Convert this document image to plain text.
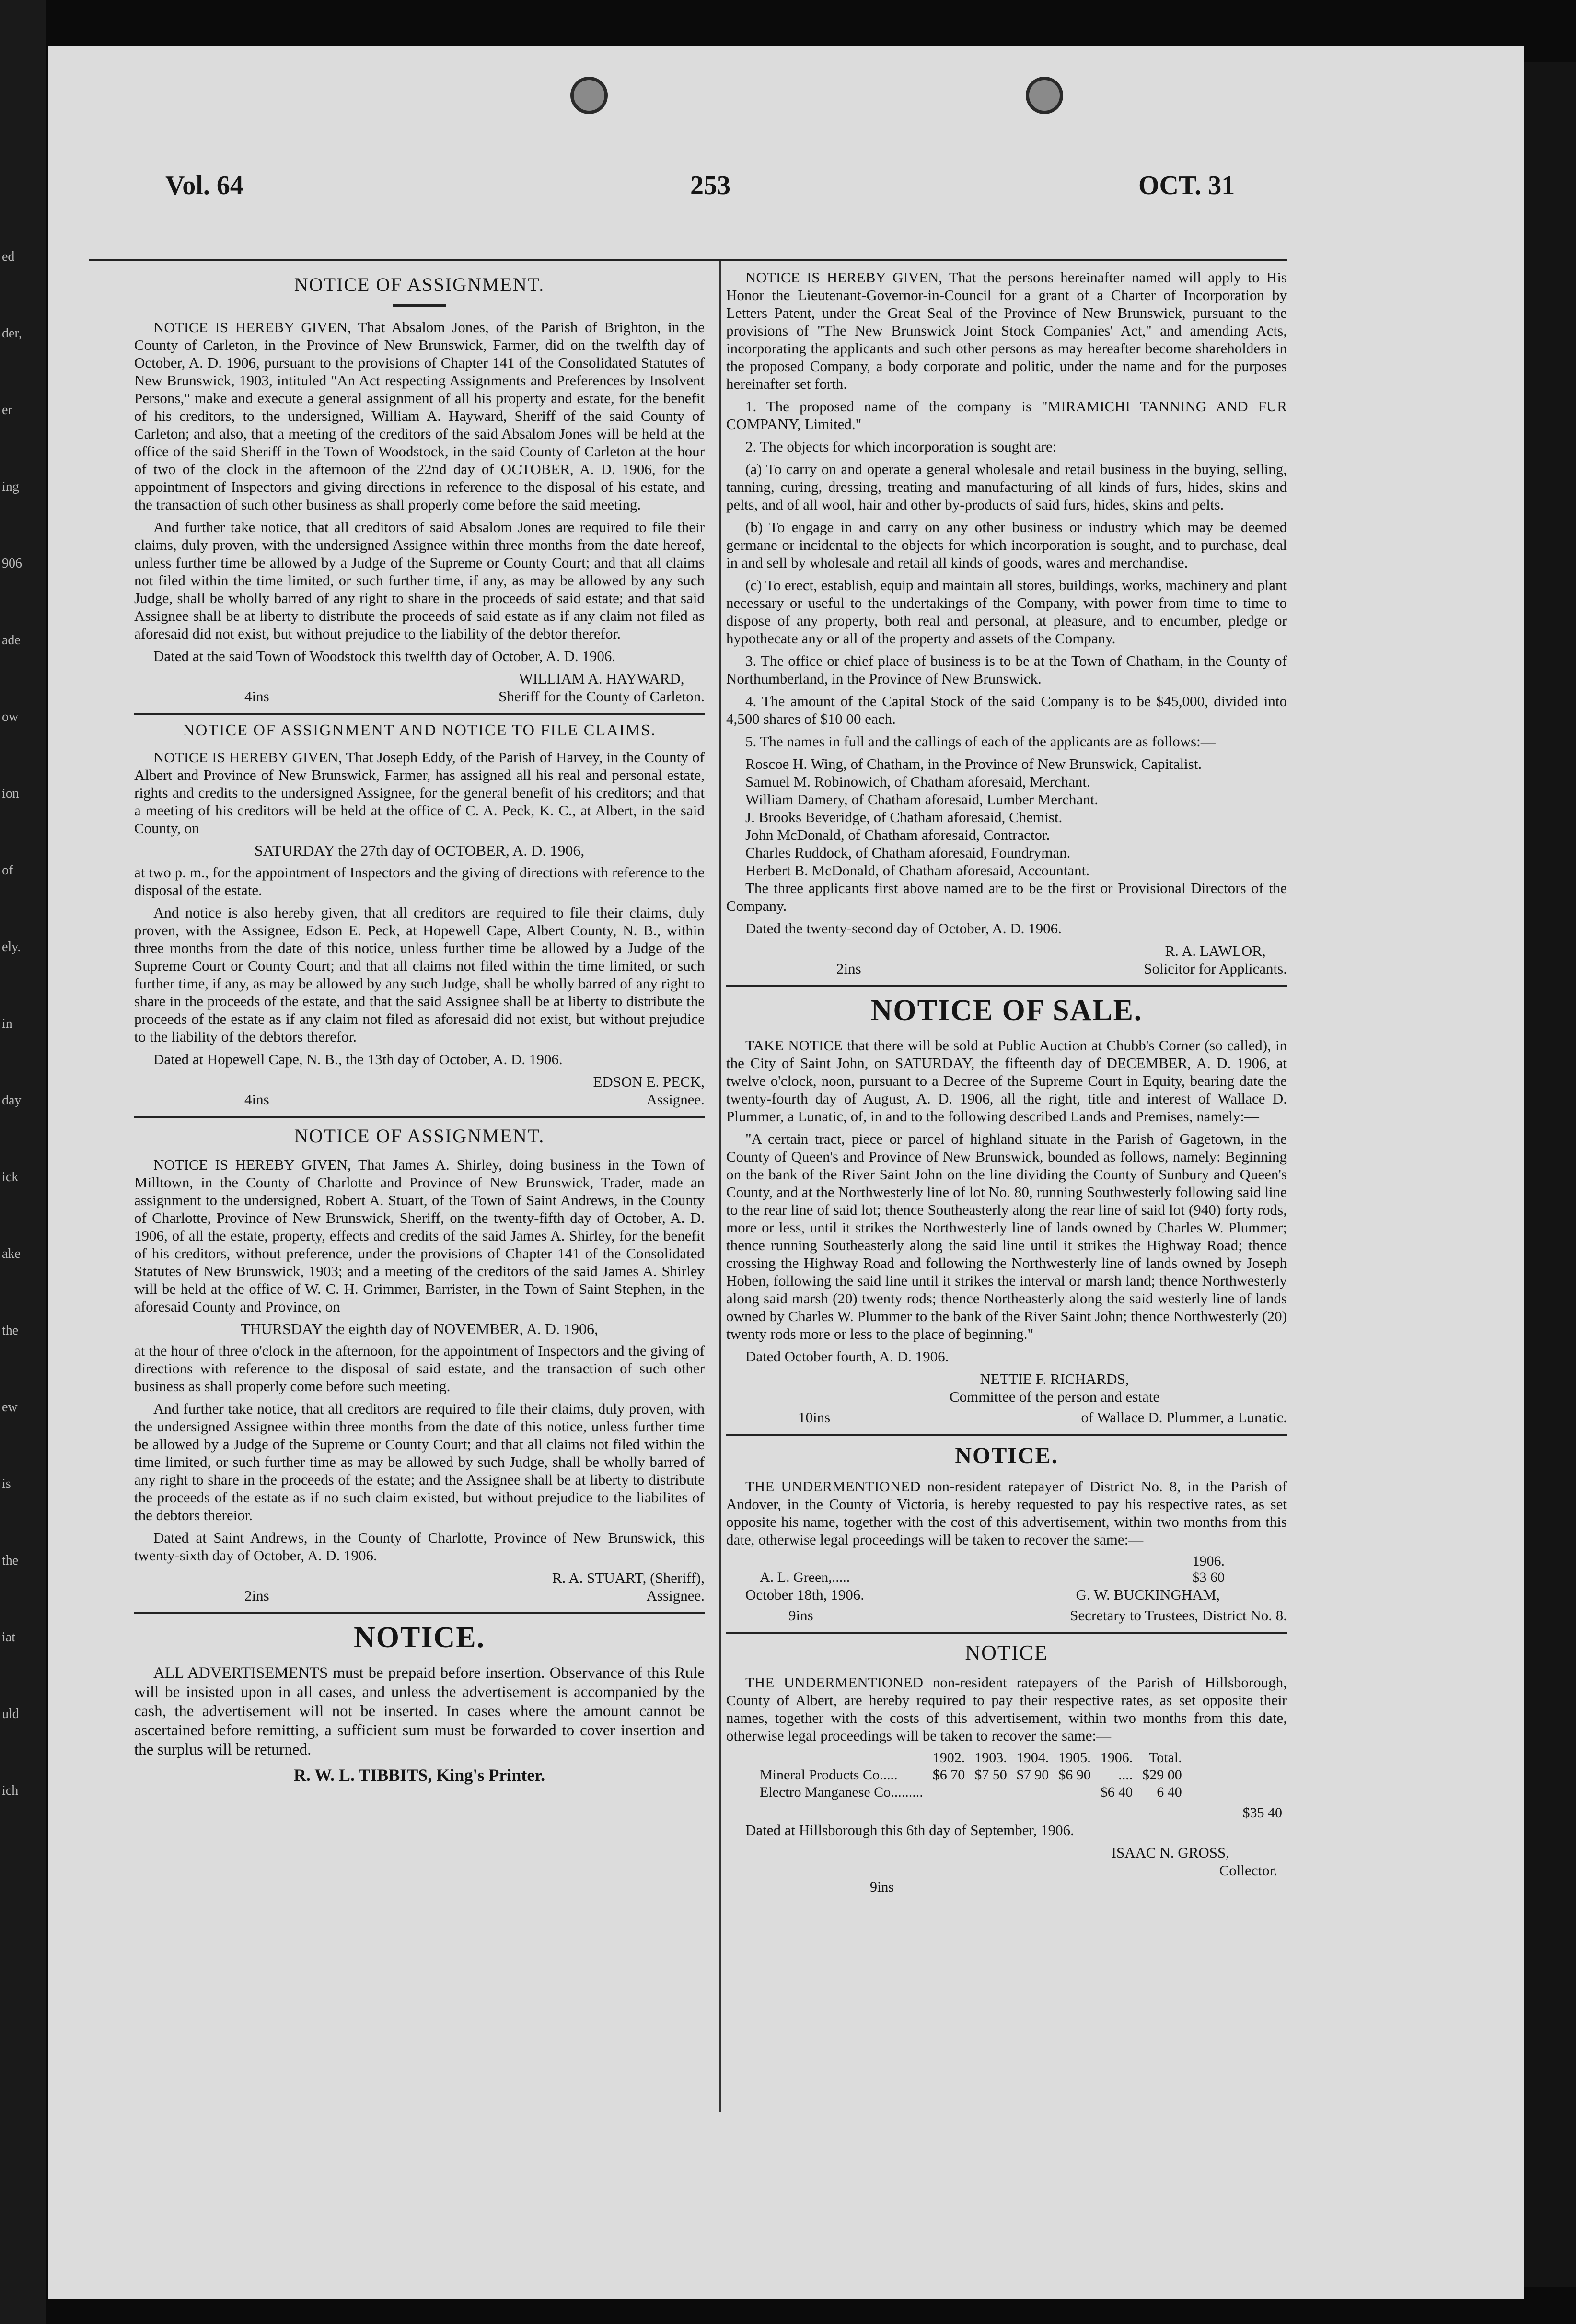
ed
der,
er
ing
906
ade
ow
ion
of
ely.
in
day
ick
ake
the
ew
is
the
iat
uld
ich
Vol. 64	253	OCT. 31
NOTICE OF ASSIGNMENT.

NOTICE IS HEREBY GIVEN, That Absalom Jones, of the Parish of Brighton, in the County of Carleton, in the Province of New Brunswick, Farmer, did on the twelfth day of October, A. D. 1906, pursuant to the provisions of Chapter 141 of the Consolidated Statutes of New Brunswick, 1903, intituled "An Act respecting Assignments and Preferences by Insolvent Persons," make and execute a general assignment of all his property and estate, for the benefit of his creditors, to the undersigned, William A. Hayward, Sheriff of the said County of Carleton; and also, that a meeting of the creditors of the said Absalom Jones will be held at the office of the said Sheriff in the Town of Woodstock, in the said County of Carleton at the hour of two of the clock in the afternoon of the 22nd day of OCTOBER, A. D. 1906, for the appointment of Inspectors and giving directions in reference to the disposal of his estate, and the transaction of such other business as shall properly come before the said meeting.

And further take notice, that all creditors of said Absalom Jones are required to file their claims, duly proven, with the undersigned Assignee within three months from the date hereof, unless further time be allowed by a Judge of the Supreme or County Court; and that all claims not filed within the time limited, or such further time, if any, as may be allowed by any such Judge, shall be wholly barred of any right to share in the proceeds of said estate; and that said Assignee shall be at liberty to distribute the proceeds of said estate as if any claim not filed as aforesaid did not exist, but without prejudice to the liability of the debtor therefor.

Dated at the said Town of Woodstock this twelfth day of October, A. D. 1906.

4ins
WILLIAM A. HAYWARD,
Sheriff for the County of Carleton.
NOTICE OF ASSIGNMENT AND NOTICE TO FILE CLAIMS.

NOTICE IS HEREBY GIVEN, That Joseph Eddy, of the Parish of Harvey, in the County of Albert and Province of New Brunswick, Farmer, has assigned all his real and personal estate, rights and credits to the undersigned Assignee, for the general benefit of his creditors; and that a meeting of his creditors will be held at the office of C. A. Peck, K. C., at Albert, in the said County, on

SATURDAY the 27th day of OCTOBER, A. D. 1906,

at two p. m., for the appointment of Inspectors and the giving of directions with reference to the disposal of the estate.

And notice is also hereby given, that all creditors are required to file their claims, duly proven, with the Assignee, Edson E. Peck, at Hopewell Cape, Albert County, N. B., within three months from the date of this notice, unless further time be allowed by a Judge of the Supreme Court or County Court; and that all claims not filed within the time limited, or such further time, if any, as may be allowed by any such Judge, shall be wholly barred of any right to share in the proceeds of the estate, and that the said Assignee shall be at liberty to distribute the proceeds of the estate as if any claim not filed as aforesaid did not exist, but without prejudice to the liability of the debtors therefor.

Dated at Hopewell Cape, N. B., the 13th day of October, A. D. 1906.

4ins
EDSON E. PECK,
Assignee.
NOTICE OF ASSIGNMENT.

NOTICE IS HEREBY GIVEN, That James A. Shirley, doing business in the Town of Milltown, in the County of Charlotte and Province of New Brunswick, Trader, made an assignment to the undersigned, Robert A. Stuart, of the Town of Saint Andrews, in the County of Charlotte, Province of New Brunswick, Sheriff, on the twenty-fifth day of October, A. D. 1906, of all the estate, property, effects and credits of the said James A. Shirley, for the benefit of his creditors, without preference, under the provisions of Chapter 141 of the Consolidated Statutes of New Brunswick, 1903; and a meeting of the creditors of the said James A. Shirley will be held at the office of W. C. H. Grimmer, Barrister, in the Town of Saint Stephen, in the aforesaid County and Province, on

THURSDAY the eighth day of NOVEMBER, A. D. 1906,

at the hour of three o'clock in the afternoon, for the appointment of Inspectors and the giving of directions with reference to the disposal of said estate, and the transaction of such other business as shall properly come before such meeting.

And further take notice, that all creditors are required to file their claims, duly proven, with the undersigned Assignee within three months from the date of this notice, unless further time be allowed by a Judge of the Supreme or County Court; and that all claims not filed within the time limited, or such further time as may be allowed by such Judge, shall be wholly barred of any right to share in the proceeds of the estate; and the Assignee shall be at liberty to distribute the proceeds of the estate as if no such claim existed, but without prejudice to the liabilites of the debtors thereior.

Dated at Saint Andrews, in the County of Charlotte, Province of New Brunswick, this twenty-sixth day of October, A. D. 1906.

2ins
R. A. STUART, (Sheriff),
Assignee.
NOTICE.

ALL ADVERTISEMENTS must be prepaid before insertion. Observance of this Rule will be insisted upon in all cases, and unless the advertisement is accompanied by the cash, the advertisement will not be inserted. In cases where the amount cannot be ascertained before remitting, a sufficient sum must be forwarded to cover insertion and the surplus will be returned.

R. W. L. TIBBITS, King's Printer.

NOTICE IS HEREBY GIVEN, That the persons hereinafter named will apply to His Honor the Lieutenant-Governor-in-Council for a grant of a Charter of Incorporation by Letters Patent, under the Great Seal of the Province of New Brunswick, pursuant to the provisions of "The New Brunswick Joint Stock Companies' Act," and amending Acts, incorporating the applicants and such other persons as may hereafter become shareholders in the proposed Company, a body corporate and politic, under the name and for the purposes hereinafter set forth.

1. The proposed name of the company is "MIRAMICHI TANNING AND FUR COMPANY, Limited."

2. The objects for which incorporation is sought are:

(a) To carry on and operate a general wholesale and retail business in the buying, selling, tanning, curing, dressing, treating and manufacturing of all kinds of furs, hides, skins and pelts, and of all wool, hair and other by-products of said furs, hides, skins and pelts.

(b) To engage in and carry on any other business or industry which may be deemed germane or incidental to the objects for which incorporation is sought, and to purchase, deal in and sell by wholesale and retail all kinds of goods, wares and merchandise.

(c) To erect, establish, equip and maintain all stores, buildings, works, machinery and plant necessary or useful to the undertakings of the Company, with power from time to time to dispose of any property, both real and personal, at pleasure, and to encumber, pledge or hypothecate any or all of the property and assets of the Company.

3. The office or chief place of business is to be at the Town of Chatham, in the County of Northumberland, in the Province of New Brunswick.

4. The amount of the Capital Stock of the said Company is to be $45,000, divided into 4,500 shares of $10 00 each.

5. The names in full and the callings of each of the applicants are as follows:—

Roscoe H. Wing, of Chatham, in the Province of New Brunswick, Capitalist.
Samuel M. Robinowich, of Chatham aforesaid, Merchant.
William Damery, of Chatham aforesaid, Lumber Merchant.
J. Brooks Beveridge, of Chatham aforesaid, Chemist.
John McDonald, of Chatham aforesaid, Contractor.
Charles Ruddock, of Chatham aforesaid, Foundryman.
Herbert B. McDonald, of Chatham aforesaid, Accountant.

The three applicants first above named are to be the first or Provisional Directors of the Company.

Dated the twenty-second day of October, A. D. 1906.

2ins
R. A. LAWLOR,
Solicitor for Applicants.
NOTICE OF SALE.

TAKE NOTICE that there will be sold at Public Auction at Chubb's Corner (so called), in the City of Saint John, on SATURDAY, the fifteenth day of DECEMBER, A. D. 1906, at twelve o'clock, noon, pursuant to a Decree of the Supreme Court in Equity, bearing date the twenty-fourth day of August, A. D. 1906, all the right, title and interest of Wallace D. Plummer, a Lunatic, of, in and to the following described Lands and Premises, namely:—

"A certain tract, piece or parcel of highland situate in the Parish of Gagetown, in the County of Queen's and Province of New Brunswick, bounded as follows, namely: Beginning on the bank of the River Saint John on the line dividing the County of Sunbury and Queen's County, and at the Northwesterly line of lot No. 80, running Southwesterly following said line to the rear line of said lot; thence Southeasterly along the rear line of said lot (940) forty rods, more or less, until it strikes the Northwesterly line of lands owned by Charles W. Plummer; thence running Southeasterly along the said line until it strikes the Highway Road; thence crossing the Highway Road and following the Northwesterly line of lands owned by Joseph Hoben, following the said line until it strikes the interval or marsh land; thence Northwesterly along said marsh (20) twenty rods; thence Northeasterly along the said westerly line of lands owned by Charles W. Plummer to the bank of the River Saint John; thence Northwesterly (20) twenty rods more or less to the place of beginning."

Dated October fourth, A. D. 1906.

NETTIE F. RICHARDS,
Committee of the person and estate
10ins	of Wallace D. Plummer, a Lunatic.
NOTICE.

THE UNDERMENTIONED non-resident ratepayer of District No. 8, in the Parish of Andover, in the County of Victoria, is hereby requested to pay his respective rates, as set opposite his name, together with the cost of this advertisement, within two months from this date, otherwise legal proceedings will be taken to recover the same:—

1906.
A. L. Green,.....	$3 60
October 18th, 1906.	G. W. BUCKINGHAM,
9ins	Secretary to Trustees, District No. 8.
NOTICE

THE UNDERMENTIONED non-resident ratepayers of the Parish of Hillsborough, County of Albert, are hereby required to pay their respective rates, as set opposite their names, together with the costs of this advertisement, within two months from this date, otherwise legal proceedings will be taken to recover the same:—

	1902.	1903.	1904.	1905.	1906.	Total.
Mineral Products Co.....	$6 70	$7 50	$7 90	$6 90	....	$29 00
Electro Manganese Co.........					$6 40	6 40
$35 40

Dated at Hillsborough this 6th day of September, 1906.

ISAAC N. GROSS,
Collector.
9ins
